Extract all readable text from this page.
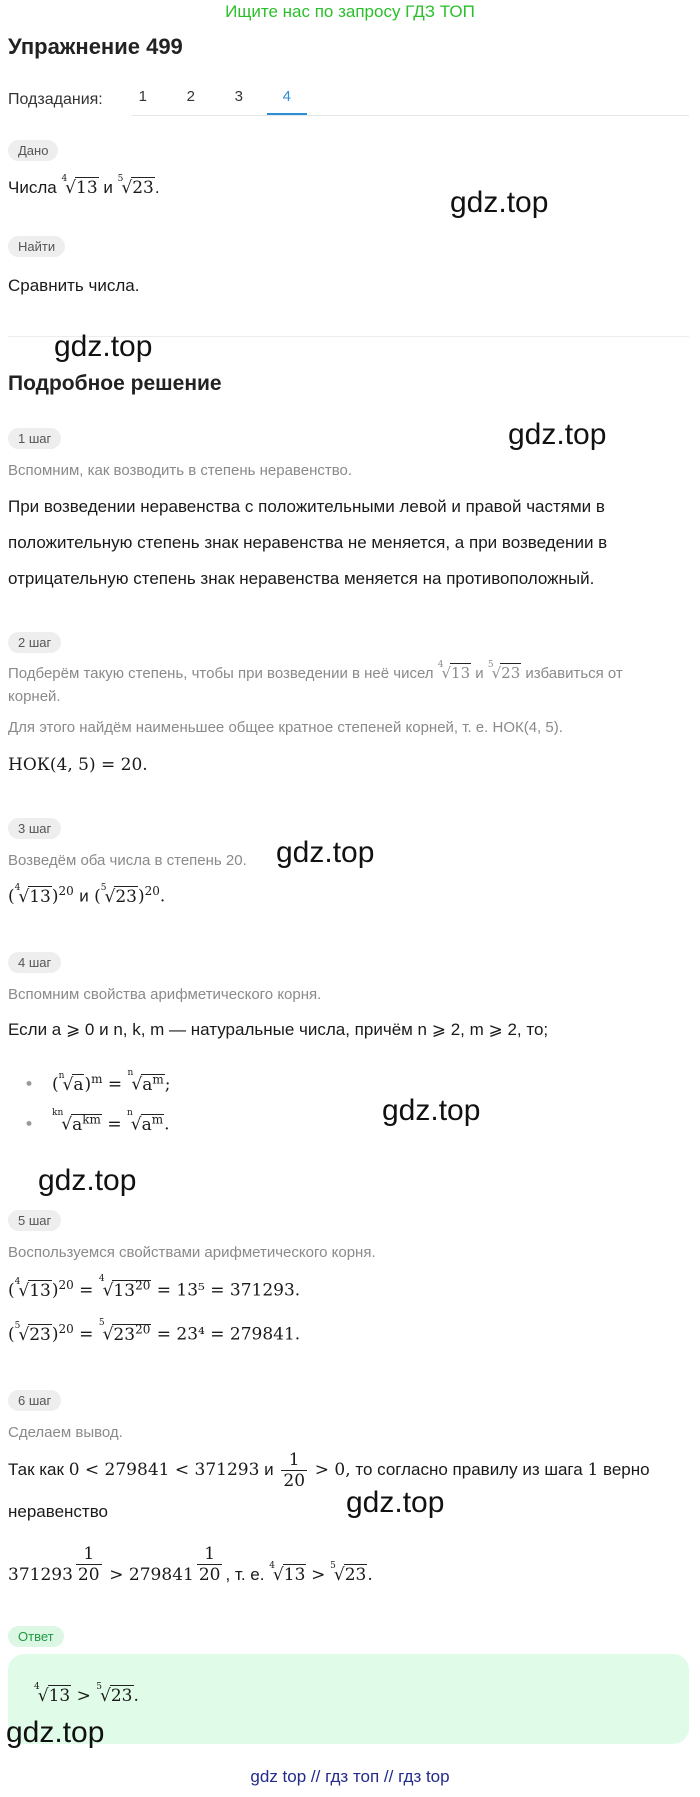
Ищите нас по запросу ГДЗ ТОП
Упражнение 499
Подзадания:	1	2	3	4
Дано
Числа $^4$√13 и $^5$√23.	gdz.top
Найти
Сравнить числа.
gdz.top
Подробное решение
1 шаг	gdz.top
Вспомним, как возводить в степень неравенство.
При возведении неравенства с положительными левой и правой частями в
положительную степень знак неравенства не меняется, а при возведении в
отрицательную степень знак неравенства меняется на противоположный.
2 шаг
Подберём такую степень, чтобы при возведении в неё чисел $^4$√13 и $^5$√23 избавиться от
корней.
Для этого найдём наименьшее общее кратное степеней корней, т. е. НОК(4, 5).
НОК(4, 5) = 20.
3 шаг
Возведём оба числа в степень 20. gdz.top
$(^4√13)^{20}$ и $(^5√23)^{20}$.
4 шаг
Вспомним свойства арифметического корня.
Если a ⩾ 0 и n, k, m — натуральные числа, причём n ⩾ 2, m ⩾ 2, то;
• $(^n√a)^m = ^n√a^m$;
$•^{kn}√a^{km} = ^n√a^m$.	gdz.top
gdz.top
5 шаг
Воспользуемся свойствами арифметического корня.
$(^4√13)^{20} = ^4√13^{20} = 13^5 = 371293$.
$(^5√23)^{20} = ^5√23^{20} = 23^4 = 279841$.
6 шаг
Сделаем вывод.
Так как 0 < 279841 < 371293 и $\frac{1}{20} > 0$, то согласно правилу из шага 1 верно
неравенство	gdz.top
$371293 \frac{1}{20} > 279841 \frac{1}{20}$ , т. е. $^4$√13 > $^5$√23.
Ответ
$^4$√13 > $^5$√23.
gdz.top
gdz top // гдз топ // гдз top
